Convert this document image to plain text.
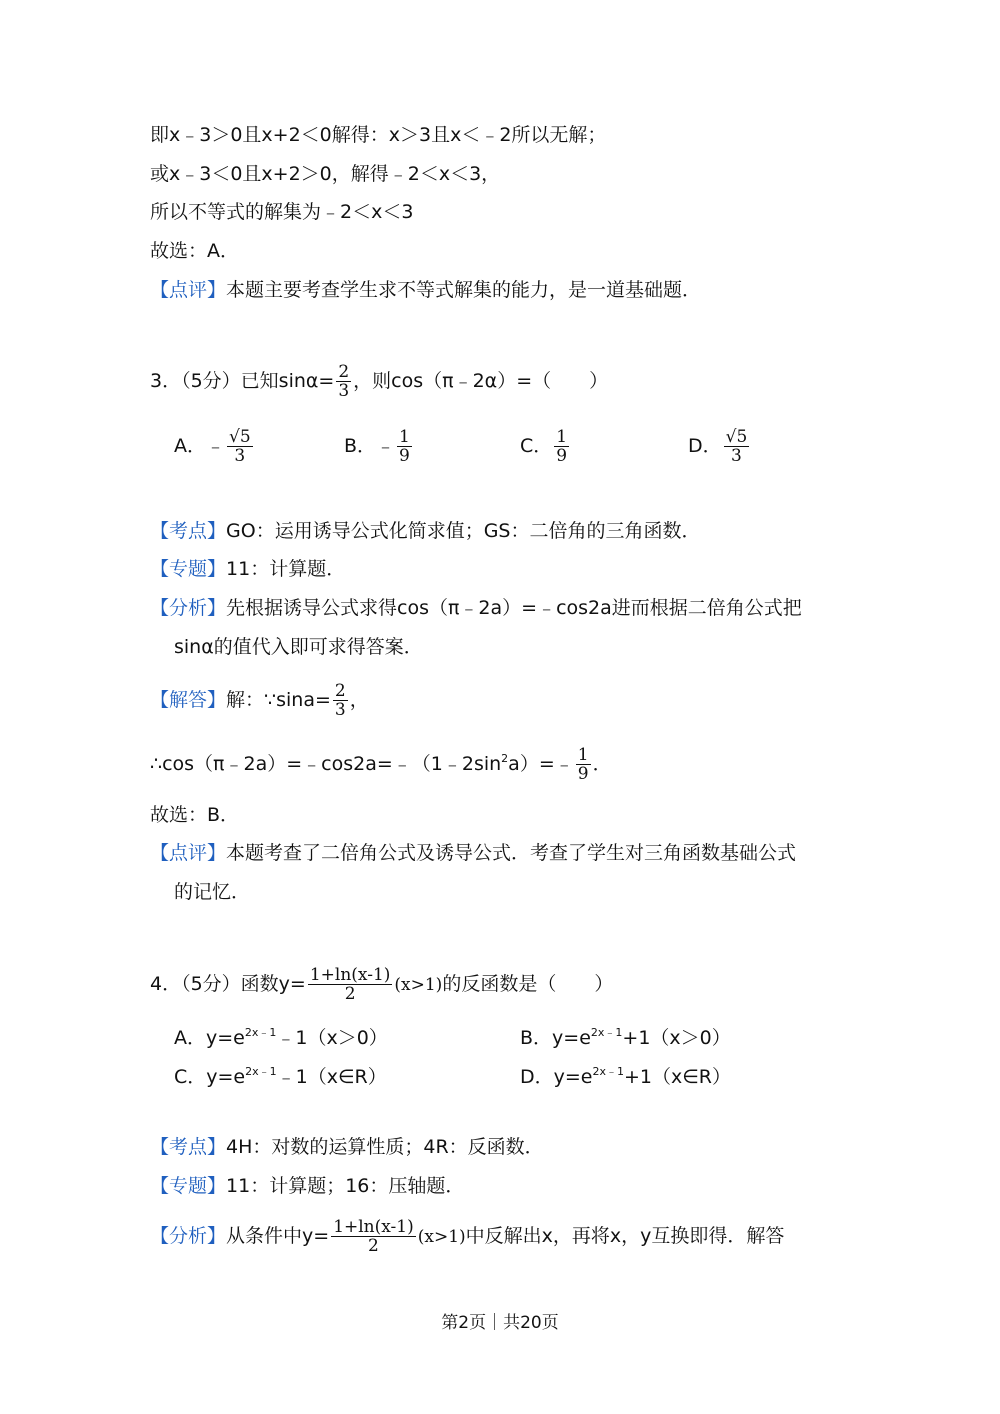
即x﹣3＞0且x+2＜0解得：x＞3且x＜﹣2所以无解；
或x﹣3＜0且x+2＞0，解得﹣2＜x＜3，
所以不等式的解集为﹣2＜x＜3
故选：A．
【点评】本题主要考查学生求不等式解集的能力，是一道基础题．
3．（5分）已知$\sin\alpha= \frac{2}{3}$ ，则cos（π﹣2α）=（　　）
A．﹣ $\frac{√5}{3}$	B．﹣ $\frac{1}{9}$	C． $\frac{1}{9}$	D． $\frac{√5}{3}$
【考点】GO：运用诱导公式化简求值；GS：二倍角的三角函数．
【专题】11：计算题．
【分析】先根据诱导公式求得cos（π﹣2a）=﹣cos2a进而根据二倍角公式把
sinα的值代入即可求得答案．
【解答】解：∵sina= $\frac{2}{3}$ ，
$\therefore\cos(\pi﹣2a)=﹣\cos 2a=﹣(1﹣2\sin^2a)=﹣ \frac{1}{9}$ ．
故选：B．
【点评】本题考查了二倍角公式及诱导公式．考查了学生对三角函数基础公式
的记忆．
4．（5分）函数$y= \frac{1+\ln(x-1)}{2} (x>1)$的反函数是（　　）
A．$y=e^{2x﹣1}﹣1(x>0)$	B．$y=e^{2x﹣1}+1(x>0)$
C．$y=e^{2x﹣1}﹣1(x\in R)$	D．$y=e^{2x﹣1}+1(x\in R)$
【考点】4H：对数的运算性质；4R：反函数．
【专题】11：计算题；16：压轴题．
【分析】从条件中$y= \frac{1+\ln(x-1)}{2} (x>1)$中反解出x，再将x，y互换即得．解答
第2页｜共20页
